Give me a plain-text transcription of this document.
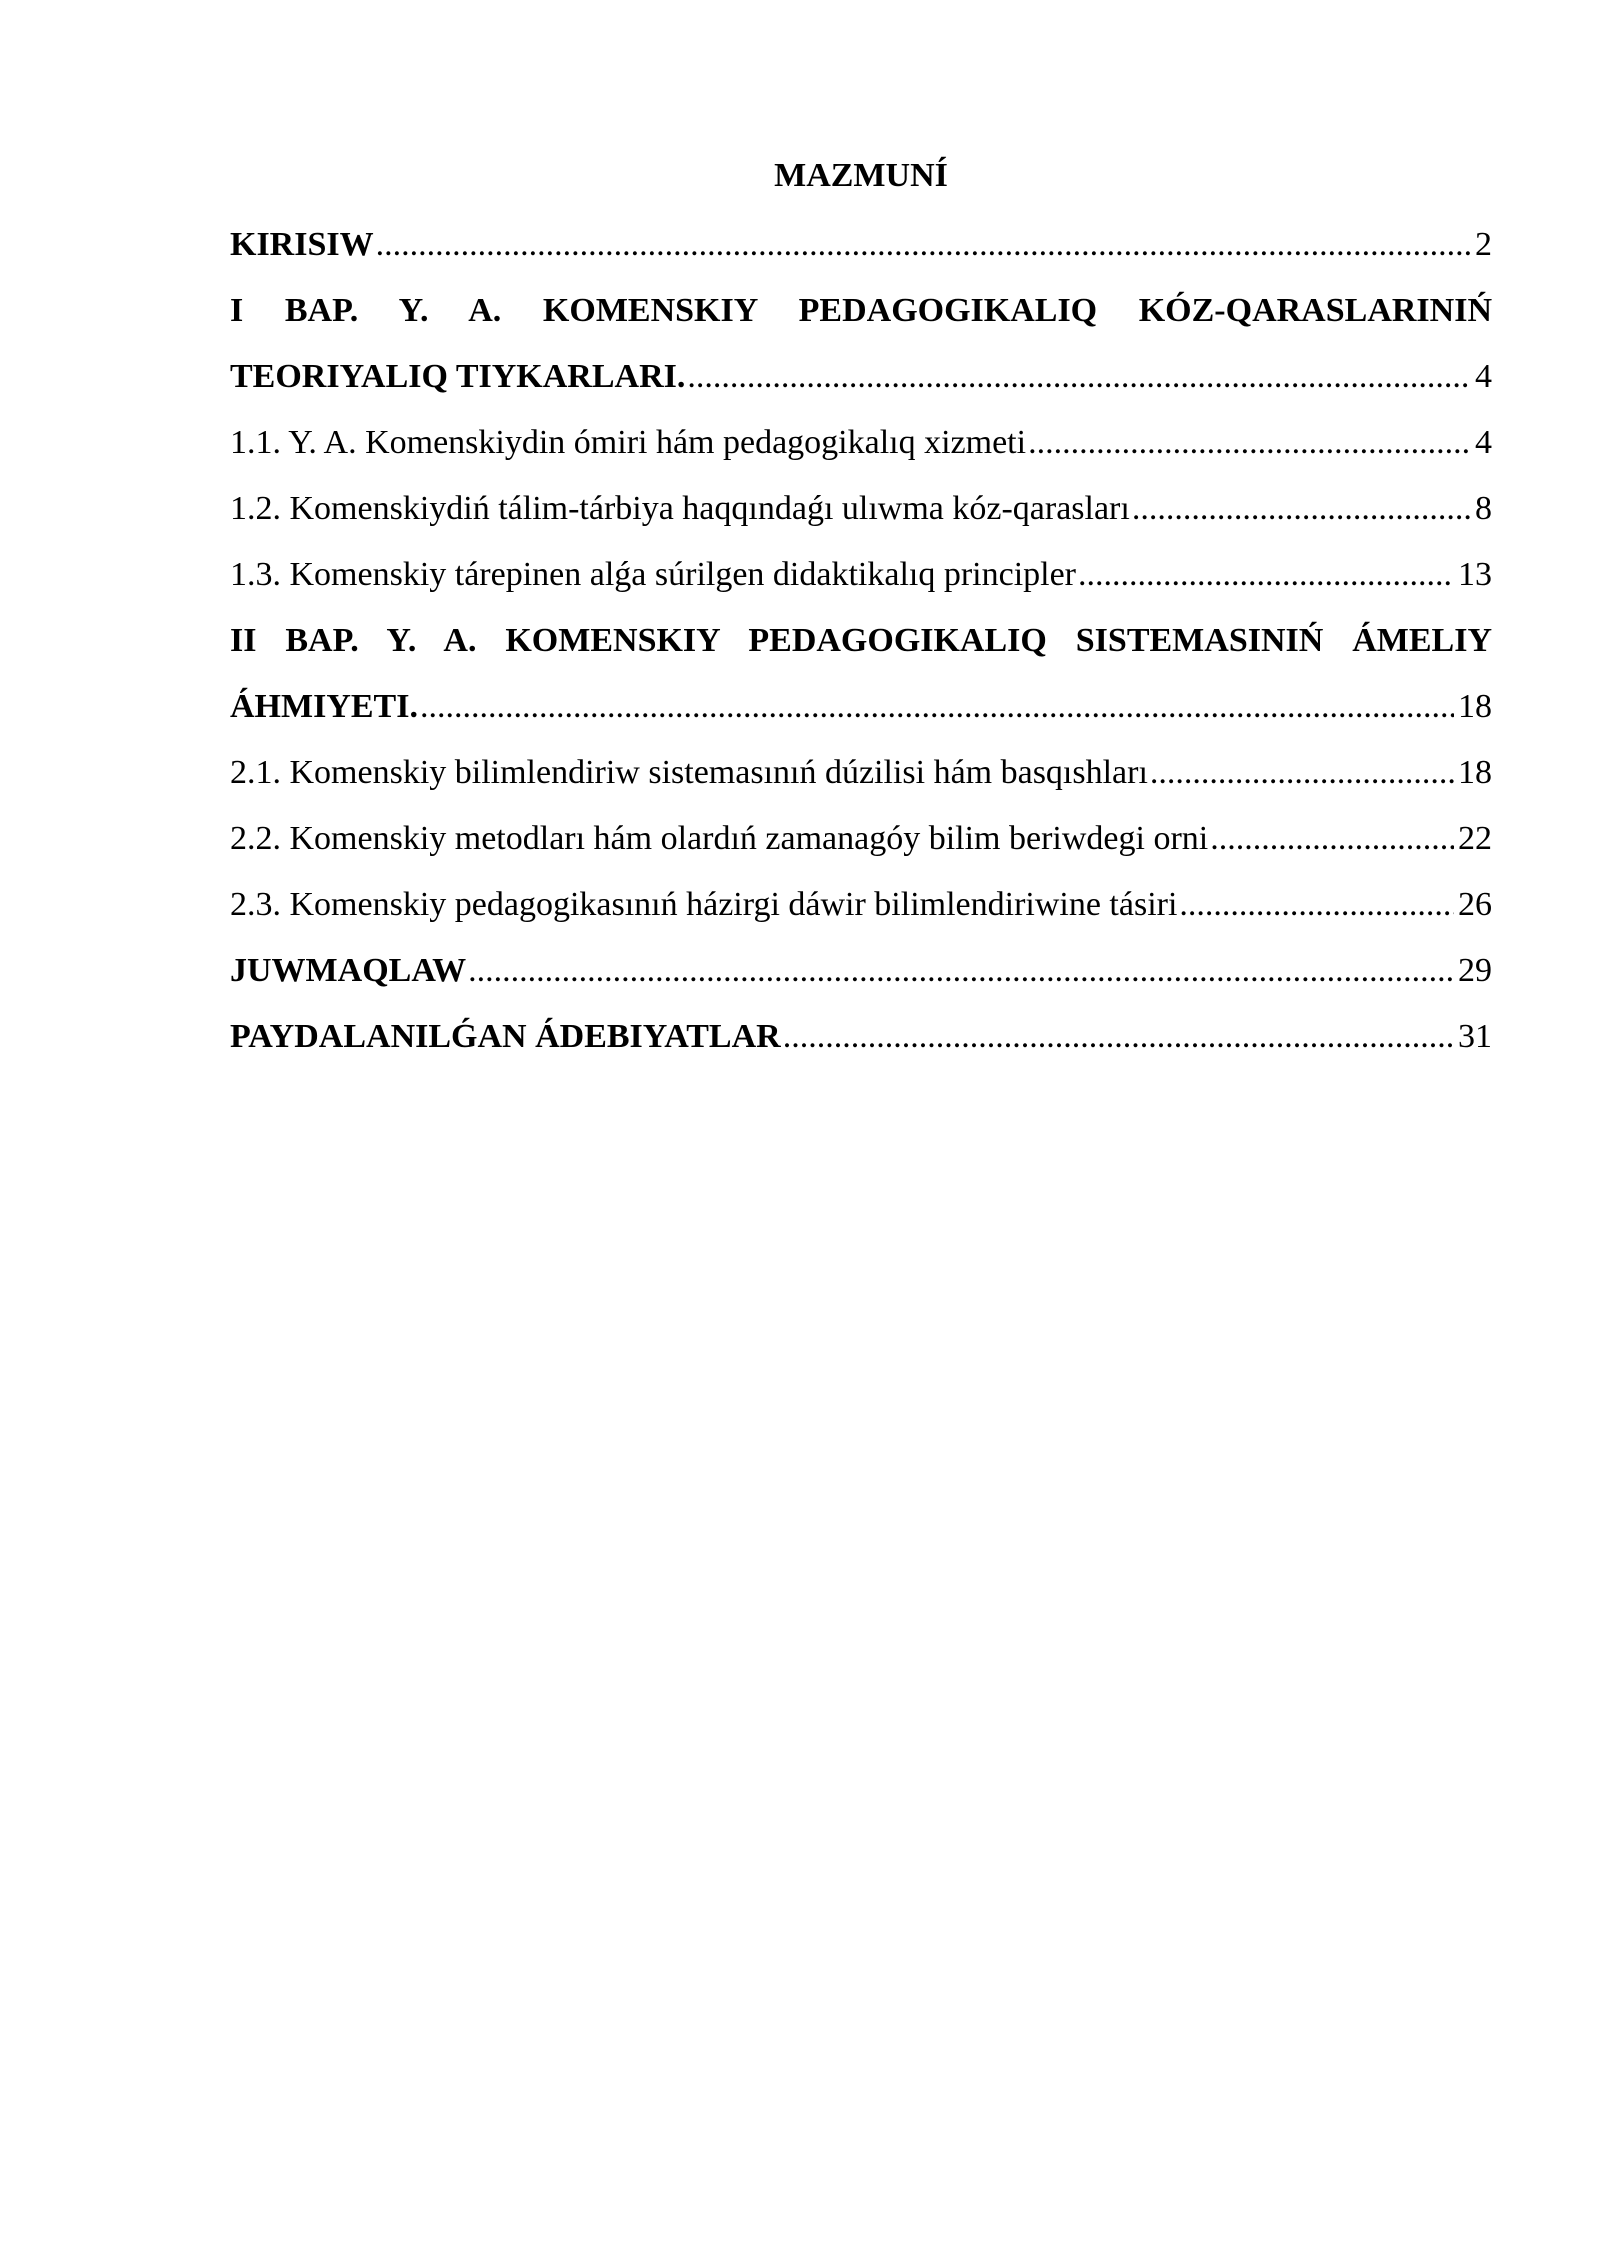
MAZMUNÍ
KIRISIW .....	2
I BAP. Y. A. KOMENSKIY PEDAGOGIKALIQ KÓZ-QARASLARINIŃ
TEORIYALIQ TIYKARLARI. .....	4
1.1. Y. A. Komenskiydin ómiri hám pedagogikalıq xizmeti .....	4
1.2. Komenskiydiń tálim-tárbiya haqqındaǵı ulıwma kóz-qarasları .....	8
1.3. Komenskiy tárepinen alǵa súrilgen didaktikalıq principler .....	13
II BAP. Y. A. KOMENSKIY PEDAGOGIKALIQ SISTEMASINIŃ ÁMELIY
ÁHMIYETI. .....	18
2.1. Komenskiy bilimlendiriw sistemasınıń dúzilisi hám basqıshları .....	18
2.2. Komenskiy metodları hám olardıń zamanagóy bilim beriwdegi orni .....	22
2.3. Komenskiy pedagogikasınıń házirgi dáwir bilimlendiriwine tásiri .....	26
JUWMAQLAW .....	29
PAYDALANILǴAN ÁDEBIYATLAR .....	31
